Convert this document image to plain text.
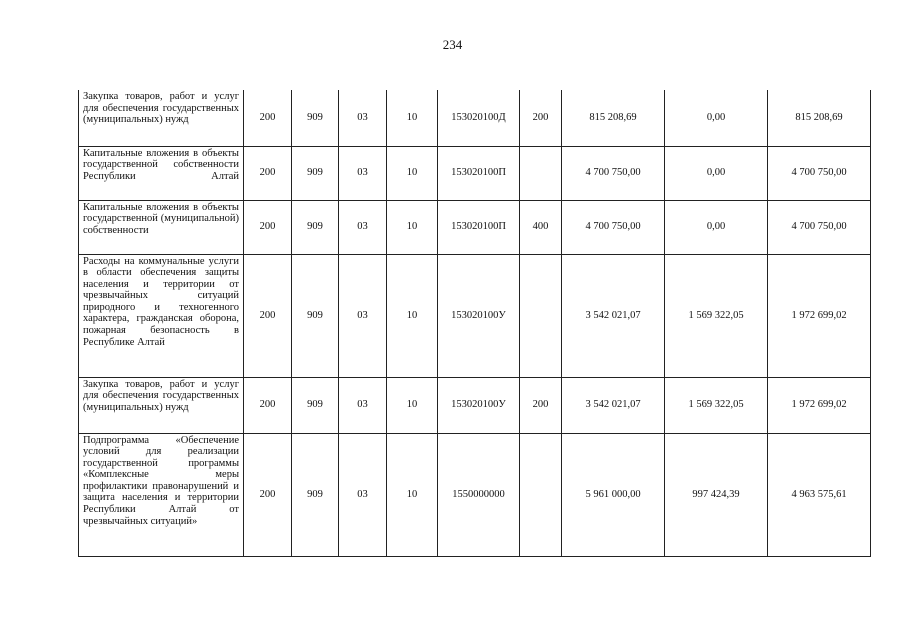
234
Закупка товаров, работ и услуг для обеспечения государственных (муниципальных) нужд	200	909	03	10	153020100Д	200	815 208,69	0,00	815 208,69
Капитальные вложения в объекты государственной собственности Республики Алтай	200	909	03	10	153020100П		4 700 750,00	0,00	4 700 750,00
Капитальные вложения в объекты государственной (муниципальной) собственности	200	909	03	10	153020100П	400	4 700 750,00	0,00	4 700 750,00
Расходы на коммунальные услуги в области обеспечения защиты населения и территории от чрезвычайных ситуаций природного и техногенного характера, гражданская оборона, пожарная безопасность в Республике Алтай	200	909	03	10	153020100У		3 542 021,07	1 569 322,05	1 972 699,02
Закупка товаров, работ и услуг для обеспечения государственных (муниципальных) нужд	200	909	03	10	153020100У	200	3 542 021,07	1 569 322,05	1 972 699,02
Подпрограмма «Обеспечение условий для реализации государственной программы «Комплексные меры профилактики правонарушений и защита населения и территории Республики Алтай от чрезвычайных ситуаций»	200	909	03	10	1550000000		5 961 000,00	997 424,39	4 963 575,61
